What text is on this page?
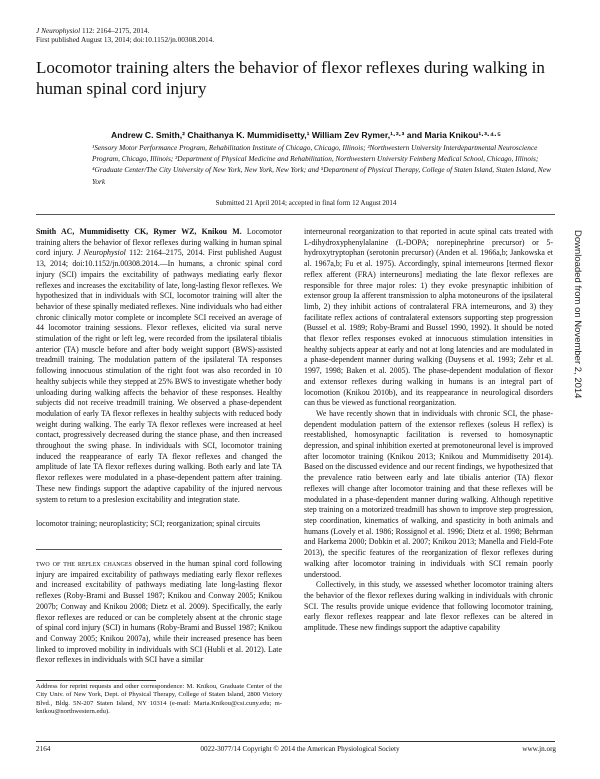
J Neurophysiol 112: 2164–2175, 2014.
First published August 13, 2014; doi:10.1152/jn.00308.2014.
Locomotor training alters the behavior of flexor reflexes during walking in human spinal cord injury
Andrew C. Smith,² Chaithanya K. Mummidisetty,¹ William Zev Rymer,¹·²·³ and Maria Knikou¹·³·⁴·⁵
¹Sensory Motor Performance Program, Rehabilitation Institute of Chicago, Chicago, Illinois; ²Northwestern University Interdepartmental Neuroscience Program, Chicago, Illinois; ³Department of Physical Medicine and Rehabilitation, Northwestern University Feinberg Medical School, Chicago, Illinois; ⁴Graduate Center/The City University of New York, New York, New York; and ⁵Department of Physical Therapy, College of Staten Island, Staten Island, New York
Submitted 21 April 2014; accepted in final form 12 August 2014
Smith AC, Mummidisetty CK, Rymer WZ, Knikou M. Locomotor training alters the behavior of flexor reflexes during walking in human spinal cord injury. J Neurophysiol 112: 2164–2175, 2014. First published August 13, 2014; doi:10.1152/jn.00308.2014.—In humans, a chronic spinal cord injury (SCI) impairs the excitability of pathways mediating early flexor reflexes and increases the excitability of late, long-lasting flexor reflexes. We hypothesized that in individuals with SCI, locomotor training will alter the behavior of these spinally mediated reflexes. Nine individuals who had either chronic clinically motor complete or incomplete SCI received an average of 44 locomotor training sessions. Flexor reflexes, elicited via sural nerve stimulation of the right or left leg, were recorded from the ipsilateral tibialis anterior (TA) muscle before and after body weight support (BWS)-assisted treadmill training. The modulation pattern of the ipsilateral TA responses following innocuous stimulation of the right foot was also recorded in 10 healthy subjects while they stepped at 25% BWS to investigate whether body unloading during walking affects the behavior of these responses. Healthy subjects did not receive treadmill training. We observed a phase-dependent modulation of early TA flexor reflexes in healthy subjects with reduced body weight during walking. The early TA flexor reflexes were increased at heel contact, progressively decreased during the stance phase, and then increased throughout the swing phase. In individuals with SCI, locomotor training induced the reappearance of early TA flexor reflexes and changed the amplitude of late TA flexor reflexes during walking. Both early and late TA flexor reflexes were modulated in a phase-dependent pattern after training. These new findings support the adaptive capability of the injured nervous system to return to a preslesion excitability and integration state.
locomotor training; neuroplasticity; SCI; reorganization; spinal circuits
two of the reflex changes observed in the human spinal cord following injury are impaired excitability of pathways mediating early flexor reflexes and increased excitability of pathways mediating late long-lasting flexor reflexes (Roby-Brami and Bussel 1987; Knikou and Conway 2005; Knikou 2007b; Conway and Knikou 2008; Dietz et al. 2009). Specifically, the early flexor reflexes are reduced or can be completely absent at the chronic stage of spinal cord injury (SCI) in humans (Roby-Brami and Bussel 1987; Knikou and Conway 2005; Knikou 2007a), while their increased presence has been linked to improved mobility in individuals with SCI (Hubli et al. 2012). Late flexor reflexes in individuals with SCI have a similar
Address for reprint requests and other correspondence: M. Knikou, Graduate Center of the City Univ. of New York, Dept. of Physical Therapy, College of Staten Island, 2800 Victory Blvd., Bldg. 5N-207 Staten Island, NY 10314 (e-mail: Maria.Knikou@csi.cuny.edu; m-knikou@northwestern.edu).

interneuronal reorganization to that reported in acute spinal cats treated with L-dihydroxyphenylalanine (L-DOPA; norepinephrine precursor) or 5-hydroxytryptophan (serotonin precursor) (Anden et al. 1966a,b; Jankowska et al. 1967a,b; Fu et al. 1975). Accordingly, spinal interneurons [termed flexor reflex afferent (FRA) interneurons] mediating the late flexor reflexes are responsible for three major roles: 1) they evoke presynaptic inhibition of extensor group Ia afferent transmission to alpha motoneurons of the ipsilateral limb, 2) they inhibit actions of contralateral FRA interneurons, and 3) they facilitate reflex actions of contralateral extensors supporting step progression (Bussel et al. 1989; Roby-Brami and Bussel 1990, 1992). It should be noted that flexor reflex responses evoked at innocuous stimulation intensities in healthy subjects appear at early and not at long latencies and are modulated in a phase-dependent manner during walking (Duysens et al. 1993; Zehr et al. 1997, 1998; Baken et al. 2005). The phase-dependent modulation of flexor and extensor reflexes during walking in humans is an integral part of locomotion (Knikou 2010b), and its reappearance in neurological disorders can thus be viewed as functional reorganization.

We have recently shown that in individuals with chronic SCI, the phase-dependent modulation pattern of the extensor reflexes (soleus H reflex) is reestablished, homosynaptic facilitation is reversed to homosynaptic depression, and spinal inhibition exerted at premotoneuronal level is improved after locomotor training (Knikou 2013; Knikou and Mummidisetty 2014). Based on the discussed evidence and our recent findings, we hypothesized that the prevalence ratio between early and late tibialis anterior (TA) flexor reflexes will change after locomotor training and that these reflexes will be modulated in a phase-dependent manner during walking. Although repetitive step training on a motorized treadmill has shown to improve step progression, step coordination, kinematics of walking, and spasticity in both animals and humans (Lovely et al. 1986; Rossignol et al. 1996; Dietz et al. 1998; Behrman and Harkema 2000; Dobkin et al. 2007; Knikou 2013; Manella and Field-Fote 2013), the specific features of the reorganization of flexor reflexes during walking after locomotor training in individuals with SCI remain poorly understood.

Collectively, in this study, we assessed whether locomotor training alters the behavior of the flexor reflexes during walking in individuals with chronic SCI. The results provide unique evidence that following locomotor training, early flexor reflexes reappear and late flexor reflexes can be altered in amplitude. These new findings support the adaptive capability

Downloaded from on November 2, 2014
2164	0022-3077/14 Copyright © 2014 the American Physiological Society	www.jn.org
